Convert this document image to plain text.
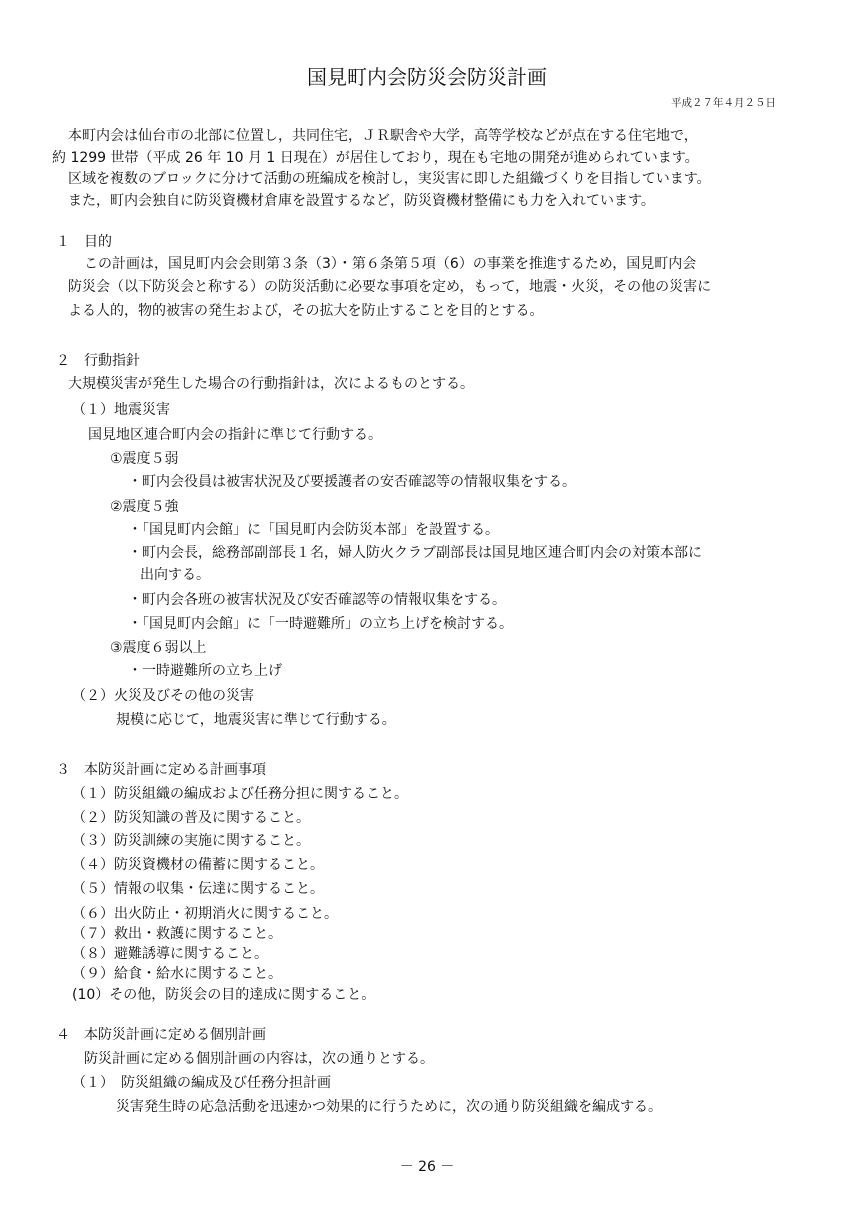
国見町内会防災会防災計画
平成２７年４月２５日
本町内会は仙台市の北部に位置し，共同住宅，ＪＲ駅舎や大学，高等学校などが点在する住宅地で，
約 1299 世帯（平成 26 年 10 月 1 日現在）が居住しており，現在も宅地の開発が進められています。
区域を複数のブロックに分けて活動の班編成を検討し，実災害に即した組織づくりを目指しています。
また，町内会独自に防災資機材倉庫を設置するなど，防災資機材整備にも力を入れています。
１　目的
この計画は，国見町内会会則第３条（3）・第６条第５項（6）の事業を推進するため，国見町内会
防災会（以下防災会と称する）の防災活動に必要な事項を定め，もって，地震・火災，その他の災害に
よる人的，物的被害の発生および，その拡大を防止することを目的とする。
２　行動指針
大規模災害が発生した場合の行動指針は，次によるものとする。
（１）地震災害
国見地区連合町内会の指針に準じて行動する。
①震度５弱
・町内会役員は被害状況及び要援護者の安否確認等の情報収集をする。
②震度５強
・「国見町内会館」に「国見町内会防災本部」を設置する。
・町内会長，総務部副部長１名，婦人防火クラブ副部長は国見地区連合町内会の対策本部に
出向する。
・町内会各班の被害状況及び安否確認等の情報収集をする。
・「国見町内会館」に「一時避難所」の立ち上げを検討する。
③震度６弱以上
・一時避難所の立ち上げ
（２）火災及びその他の災害
規模に応じて，地震災害に準じて行動する。
３　本防災計画に定める計画事項
（１）防災組織の編成および任務分担に関すること。
（２）防災知識の普及に関すること。
（３）防災訓練の実施に関すること。
（４）防災資機材の備蓄に関すること。
（５）情報の収集・伝達に関すること。
（６）出火防止・初期消火に関すること。
（７）救出・救護に関すること。
（８）避難誘導に関すること。
（９）給食・給水に関すること。
(10）その他，防災会の目的達成に関すること。
４　本防災計画に定める個別計画
防災計画に定める個別計画の内容は，次の通りとする。
（１）　防災組織の編成及び任務分担計画
災害発生時の応急活動を迅速かつ効果的に行うために，次の通り防災組織を編成する。
－ 26 －
